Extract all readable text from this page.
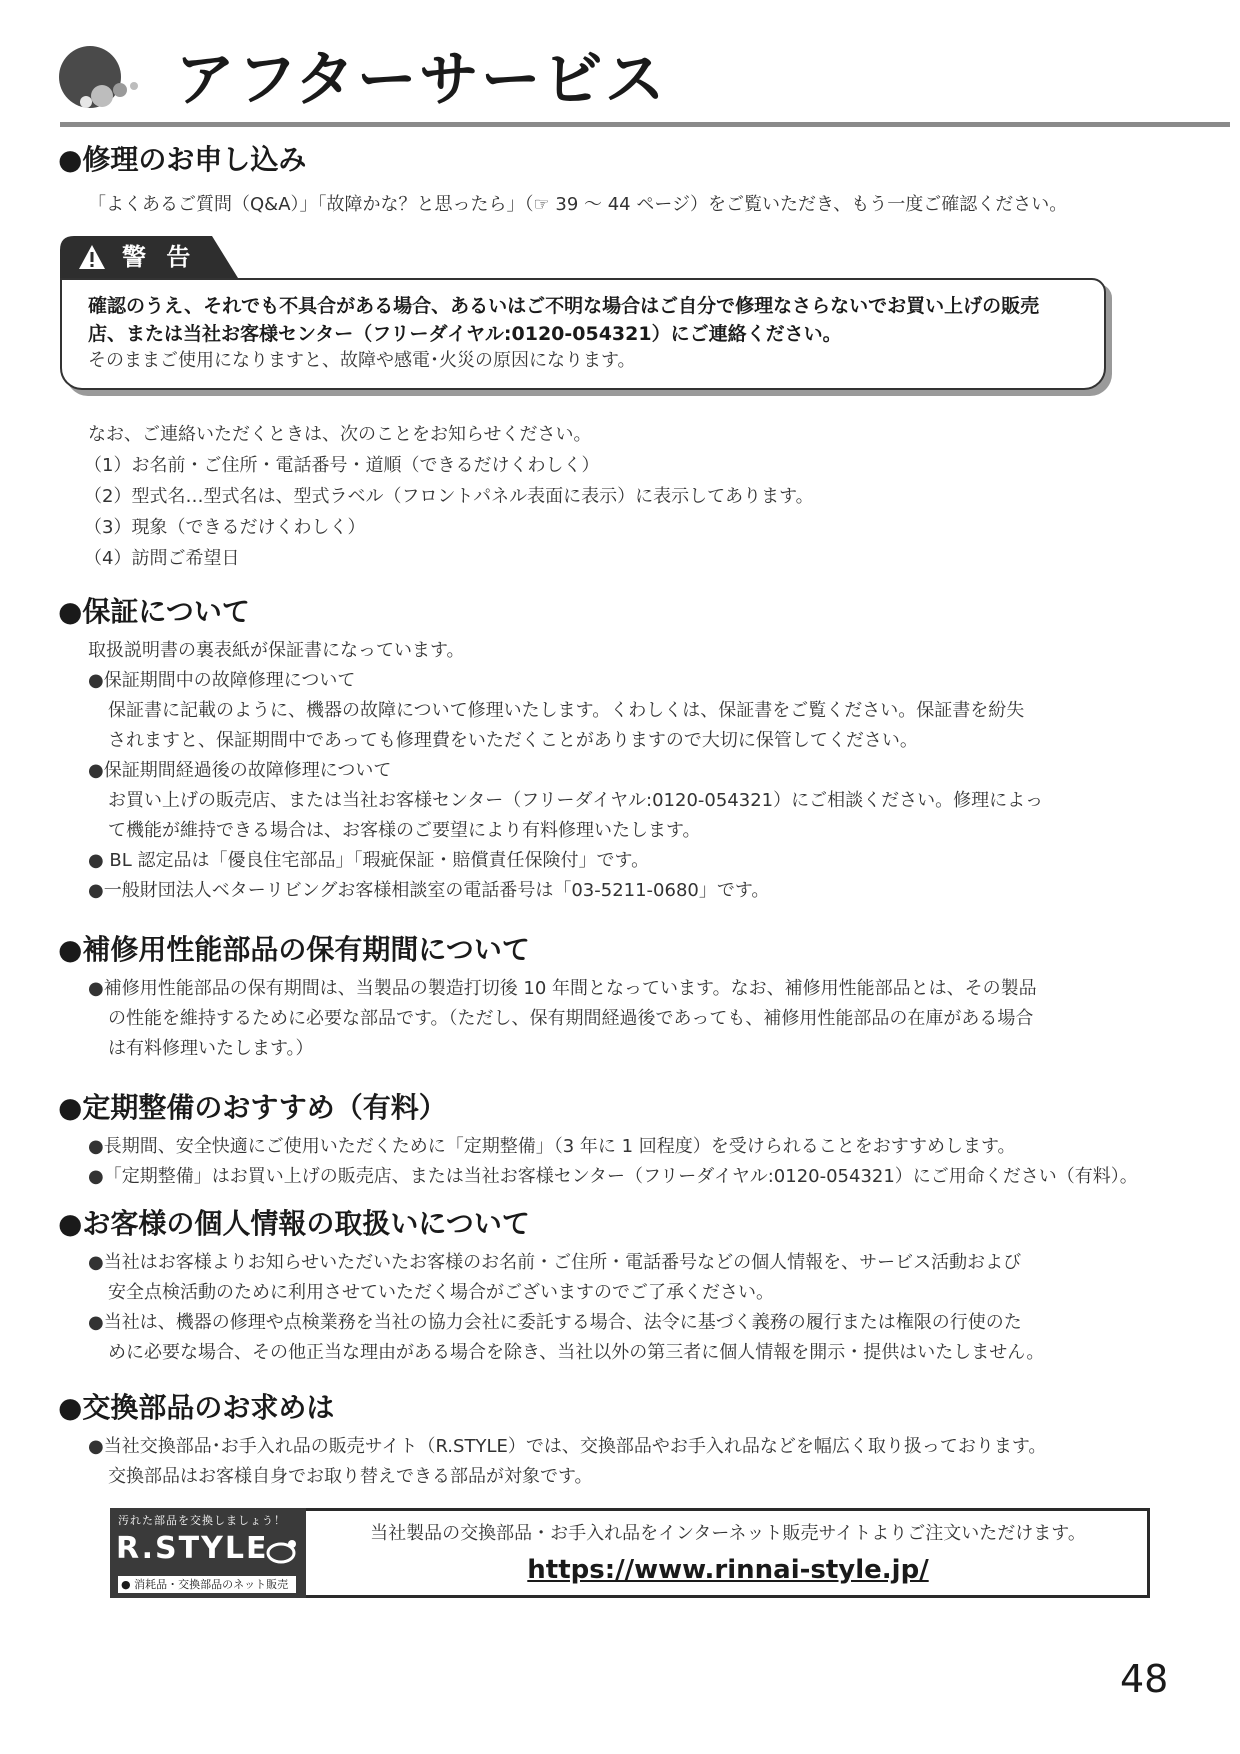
アフターサービス
●修理のお申し込み
「よくあるご質問（Q&A）」「故障かな？と思ったら」（☞ 39 ～ 44 ページ）をご覧いただき、もう一度ご確認ください。
警 告
確認のうえ、それでも不具合がある場合、あるいはご不明な場合はご自分で修理なさらないでお買い上げの販売
店、または当社お客様センター（フリーダイヤル:0120-054321）にご連絡ください。
そのままご使用になりますと、故障や感電･火災の原因になります。
なお、ご連絡いただくときは、次のことをお知らせください。
（1）お名前・ご住所・電話番号・道順（できるだけくわしく）
（2）型式名…型式名は、型式ラベル（フロントパネル表面に表示）に表示してあります。
（3）現象（できるだけくわしく）
（4）訪問ご希望日
●保証について
取扱説明書の裏表紙が保証書になっています。
●保証期間中の故障修理について
保証書に記載のように、機器の故障について修理いたします。くわしくは、保証書をご覧ください。保証書を紛失
されますと、保証期間中であっても修理費をいただくことがありますので大切に保管してください。
●保証期間経過後の故障修理について
お買い上げの販売店、または当社お客様センター（フリーダイヤル:0120-054321）にご相談ください。修理によっ
て機能が維持できる場合は、お客様のご要望により有料修理いたします。
● BL 認定品は「優良住宅部品」「瑕疵保証・賠償責任保険付」です。
●一般財団法人ベターリビングお客様相談室の電話番号は「03-5211-0680」です。
●補修用性能部品の保有期間について
●補修用性能部品の保有期間は、当製品の製造打切後 10 年間となっています。なお、補修用性能部品とは、その製品
の性能を維持するために必要な部品です。（ただし、保有期間経過後であっても、補修用性能部品の在庫がある場合
は有料修理いたします。）
●定期整備のおすすめ（有料）
●長期間、安全快適にご使用いただくために「定期整備」（3 年に 1 回程度）を受けられることをおすすめします。
●「定期整備」はお買い上げの販売店、または当社お客様センター（フリーダイヤル:0120-054321）にご用命ください（有料）。
●お客様の個人情報の取扱いについて
●当社はお客様よりお知らせいただいたお客様のお名前・ご住所・電話番号などの個人情報を、サービス活動および
安全点検活動のために利用させていただく場合がございますのでご了承ください。
●当社は、機器の修理や点検業務を当社の協力会社に委託する場合、法令に基づく義務の履行または権限の行使のた
めに必要な場合、その他正当な理由がある場合を除き、当社以外の第三者に個人情報を開示・提供はいたしません。
●交換部品のお求めは
●当社交換部品･お手入れ品の販売サイト（R.STYLE）では、交換部品やお手入れ品などを幅広く取り扱っております。
交換部品はお客様自身でお取り替えできる部品が対象です。
汚れた部品を交換しましょう！
R.STYLE
● 消耗品・交換部品のネット販売
当社製品の交換部品・お手入れ品をインターネット販売サイトよりご注文いただけます。
https://www.rinnai-style.jp/
48
